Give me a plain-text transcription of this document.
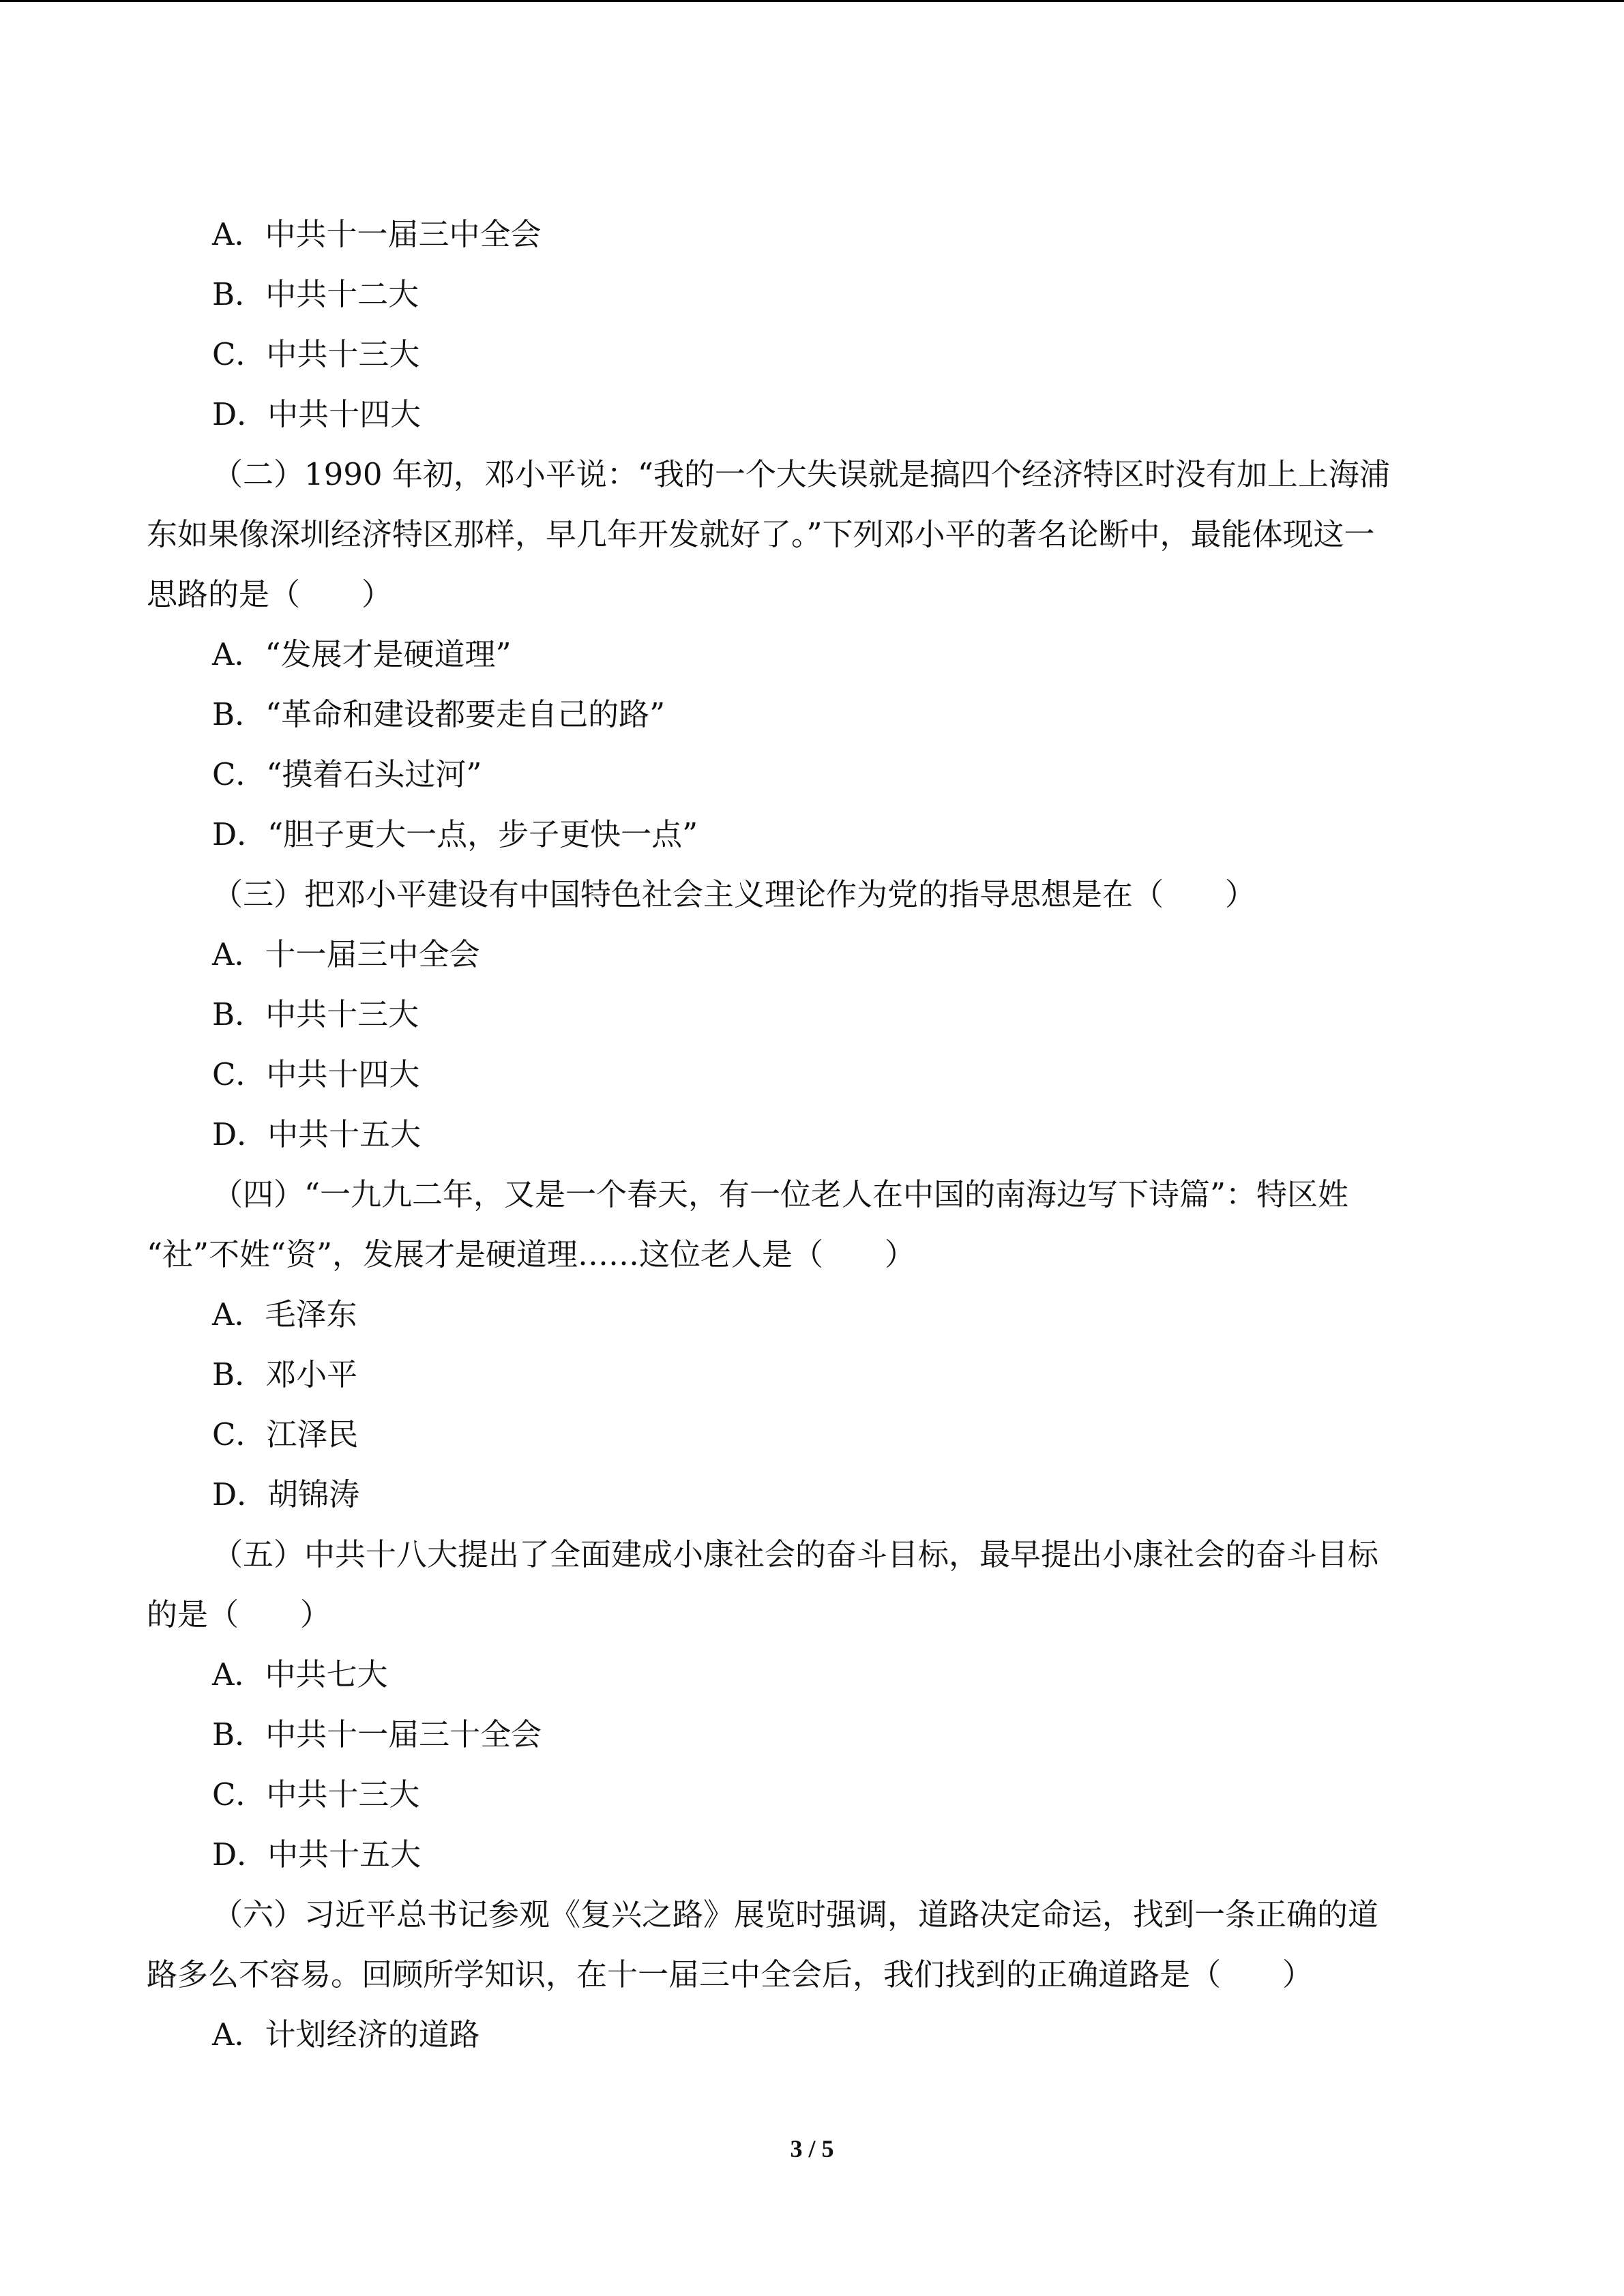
A．中共十一届三中全会
B．中共十二大
C．中共十三大
D．中共十四大
（二）1990 年初，邓小平说：“我的一个大失误就是搞四个经济特区时没有加上上海浦
东如果像深圳经济特区那样，早几年开发就好了。”下列邓小平的著名论断中，最能体现这一
思路的是（　　）
A．“发展才是硬道理”
B．“革命和建设都要走自己的路”
C．“摸着石头过河”
D．“胆子更大一点，步子更快一点”
（三）把邓小平建设有中国特色社会主义理论作为党的指导思想是在（　　）
A．十一届三中全会
B．中共十三大
C．中共十四大
D．中共十五大
（四）“一九九二年，又是一个春天，有一位老人在中国的南海边写下诗篇”：特区姓
“社”不姓“资”，发展才是硬道理……这位老人是（　　）
A．毛泽东
B．邓小平
C．江泽民
D．胡锦涛
（五）中共十八大提出了全面建成小康社会的奋斗目标，最早提出小康社会的奋斗目标
的是（　　）
A．中共七大
B．中共十一届三十全会
C．中共十三大
D．中共十五大
（六）习近平总书记参观《复兴之路》展览时强调，道路决定命运，找到一条正确的道
路多么不容易。回顾所学知识，在十一届三中全会后，我们找到的正确道路是（　　）
A．计划经济的道路
3 / 5
